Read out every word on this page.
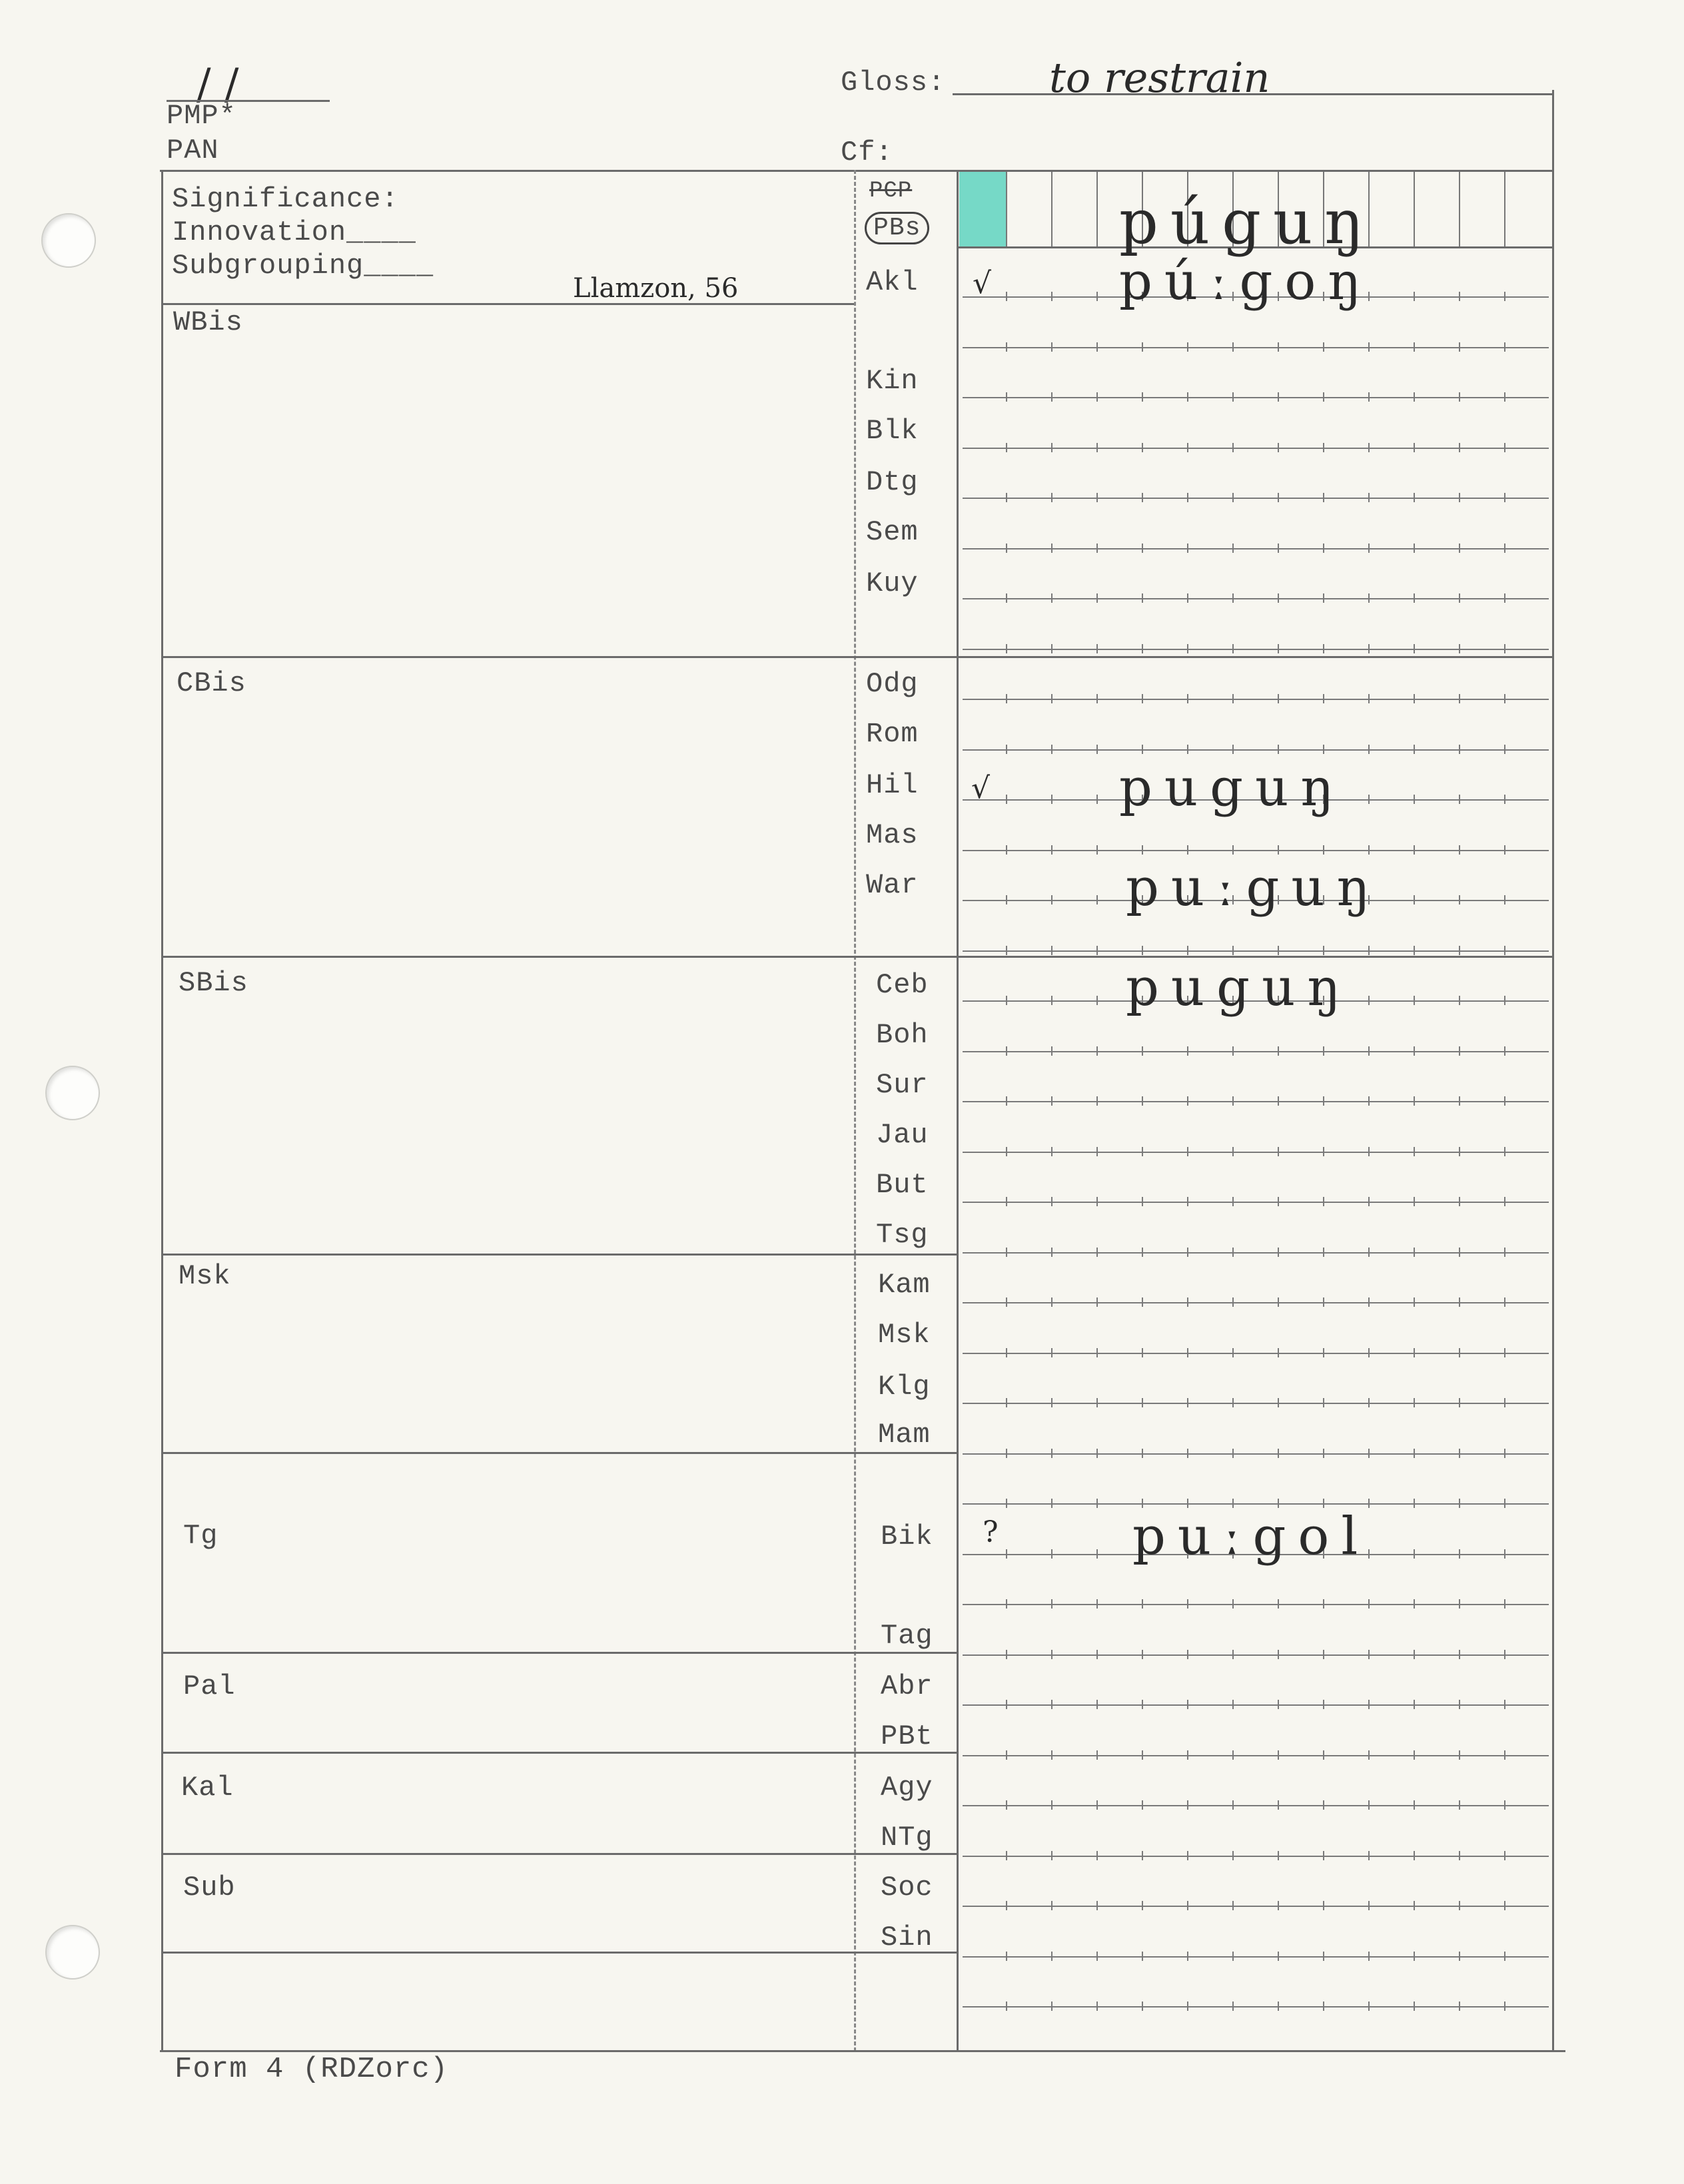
/ /
PMP*
PAN
Gloss:	to restrain
Cf:
Significance:
Innovation____
Subgrouping____
Llamzon, 56
WBis
CBis
SBis
Msk
Tg
Pal
Kal
Sub
PCP
PBs
Akl
Kin
Blk
Dtg
Sem
Kuy
Odg
Rom
Hil
Mas
War
Ceb
Boh
Sur
Jau
But
Tsg
Kam
Msk
Klg
Mam
Bik
Tag
Abr
PBt
Agy
NTg
Soc
Sin
púguŋ
√ púːgoŋ
√ puguŋ
puːguŋ
puguŋ
?	puːgol
Form 4 (RDZorc)
